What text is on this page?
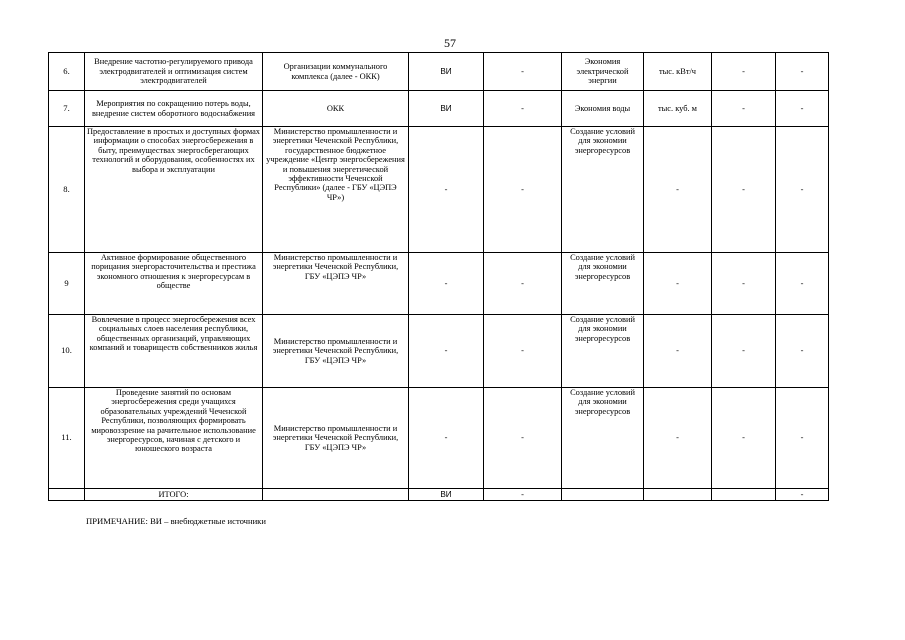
57
6.	Внедрение частотно-регулируемого привода электродвигателей и оптимизация систем электродвигателей	Организации коммунального комплекса (далее - ОКК)	ВИ	-	Экономия электрической энергии	тыс. кВт/ч	-	-
7.	Мероприятия по сокращению потерь воды, внедрение систем оборотного водоснабжения	ОКК	ВИ	-	Экономия воды	тыс. куб. м	-	-
8.	Предоставление в простых и доступных формах информации о способах энергосбережения в быту, преимуществах энергосберегающих технологий и оборудования, особенностях их выбора и эксплуатации	Министерство промышленности и энергетики Чеченской Республики, государственное бюджетное учреждение «Центр энергосбережения и повышения энергетической эффективности Чеченской Республики» (далее - ГБУ «ЦЭПЭ ЧР»)	-	-	Создание условий для экономии энергоресурсов	-	-	-
9	Активное формирование общественного порицания энергорасточительства и престижа экономного отношения к энергоресурсам в обществе	Министерство промышленности и энергетики Чеченской Республики, ГБУ «ЦЭПЭ ЧР»	-	-	Создание условий для экономии энергоресурсов	-	-	-
10.	Вовлечение в процесс энергосбережения всех социальных слоев населения республики, общественных организаций, управляющих компаний и товариществ собственников жилья	Министерство промышленности и энергетики Чеченской Республики, ГБУ «ЦЭПЭ ЧР»	-	-	Создание условий для экономии энергоресурсов	-	-	-
11.	Проведение занятий по основам энергосбережения среди учащихся образовательных учреждений Чеченской Республики, позволяющих формировать мировоззрение на рачительное использование энергоресурсов, начиная с детского и юношеского возраста	Министерство промышленности и энергетики Чеченской Республики, ГБУ «ЦЭПЭ ЧР»	-	-	Создание условий для экономии энергоресурсов	-	-	-
	ИТОГО:		ВИ	-				-
ПРИМЕЧАНИЕ: ВИ – внебюджетные источники
